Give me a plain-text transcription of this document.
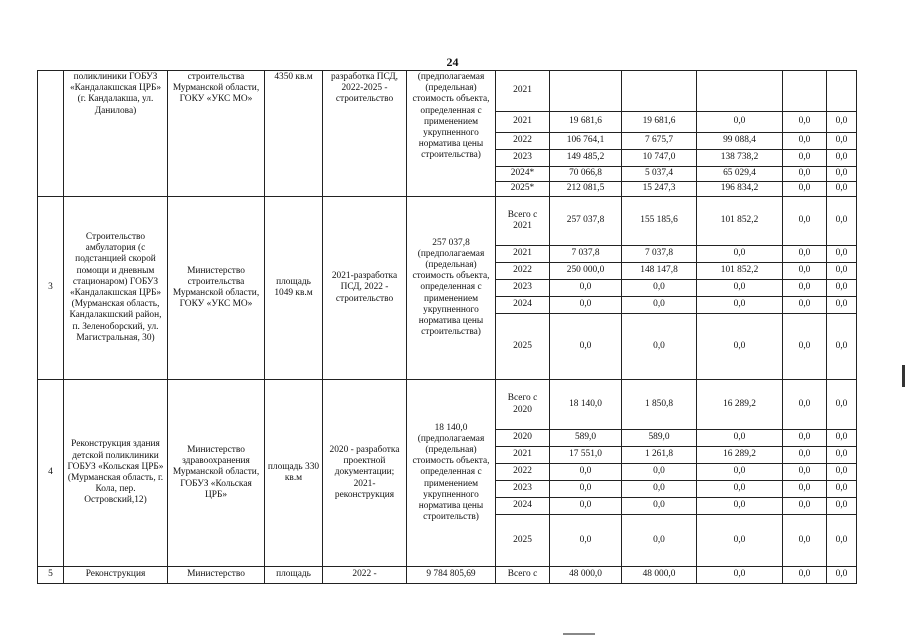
24
	поликлиники ГОБУЗ «Кандалакшская ЦРБ» (г. Кандалакша, ул. Данилова)	строительства Мурманской области, ГОКУ «УКС МО»	4350 кв.м	разработка ПСД, 2022-2025 - строительство	(предполагаемая (предельная) стоимость объекта, определенная с применением укрупненного норматива цены строительства)	2021					
						2021	19 681,6	19 681,6	0,0	0,0	0,0
						2022	106 764,1	7 675,7	99 088,4	0,0	0,0
						2023	149 485,2	10 747,0	138 738,2	0,0	0,0
						2024*	70 066,8	5 037,4	65 029,4	0,0	0,0
						2025*	212 081,5	15 247,3	196 834,2	0,0	0,0
3	Строительство амбулатория (с подстанцией скорой помощи и дневным стационаром) ГОБУЗ «Кандалакшская ЦРБ» (Мурманская область, Кандалакшский район, п. Зеленоборский, ул. Магистральная, 30)	Министерство строительства Мурманской области, ГОКУ «УКС МО»	площадь 1049 кв.м	2021-разработка ПСД, 2022 - строительство	257 037,8 (предполагаемая (предельная) стоимость объекта, определенная с применением укрупненного норматива цены строительства)	Всего с 2021	257 037,8	155 185,6	101 852,2	0,0	0,0
						2021	7 037,8	7 037,8	0,0	0,0	0,0
						2022	250 000,0	148 147,8	101 852,2	0,0	0,0
						2023	0,0	0,0	0,0	0,0	0,0
						2024	0,0	0,0	0,0	0,0	0,0
						2025	0,0	0,0	0,0	0,0	0,0
4	Реконструкция здания детской поликлиники ГОБУЗ «Кольская ЦРБ» (Мурманская область, г. Кола, пер. Островский,12)	Министерство здравоохранения Мурманской области, ГОБУЗ «Кольская ЦРБ»	площадь 330 кв.м	2020 - разработка проектной документации; 2021- реконструкция	18 140,0 (предполагаемая (предельная) стоимость объекта, определенная с применением укрупненного норматива цены строительств)	Всего с 2020	18 140,0	1 850,8	16 289,2	0,0	0,0
						2020	589,0	589,0	0,0	0,0	0,0
						2021	17 551,0	1 261,8	16 289,2	0,0	0,0
						2022	0,0	0,0	0,0	0,0	0,0
						2023	0,0	0,0	0,0	0,0	0,0
						2024	0,0	0,0	0,0	0,0	0,0
						2025	0,0	0,0	0,0	0,0	0,0
5	Реконструкция	Министерство	площадь	2022 -	9 784 805,69	Всего с	48 000,0	48 000,0	0,0	0,0	0,0
